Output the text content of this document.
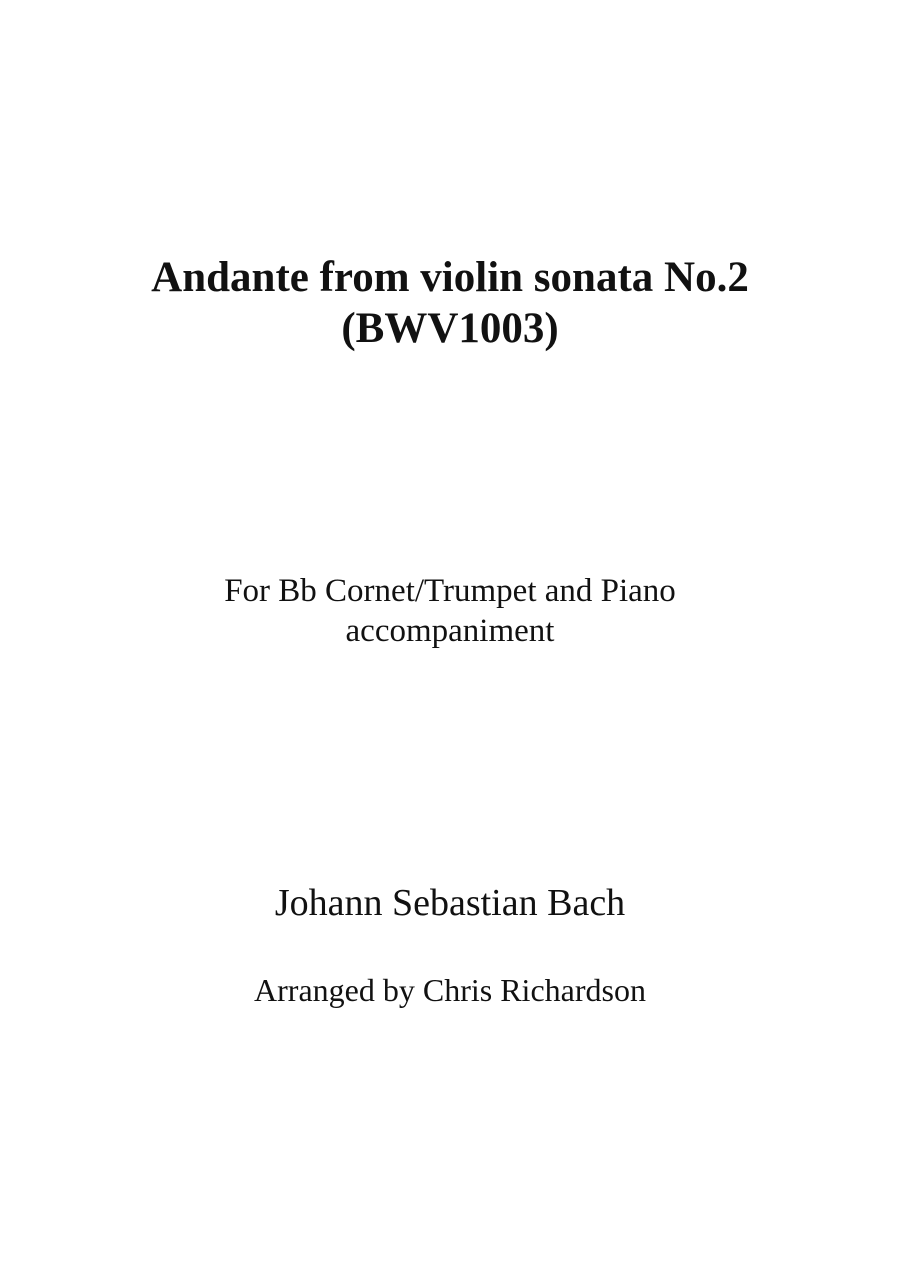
Andante from violin sonata No.2
(BWV1003)
For Bb Cornet/Trumpet and Piano
accompaniment
Johann Sebastian Bach
Arranged by Chris Richardson
